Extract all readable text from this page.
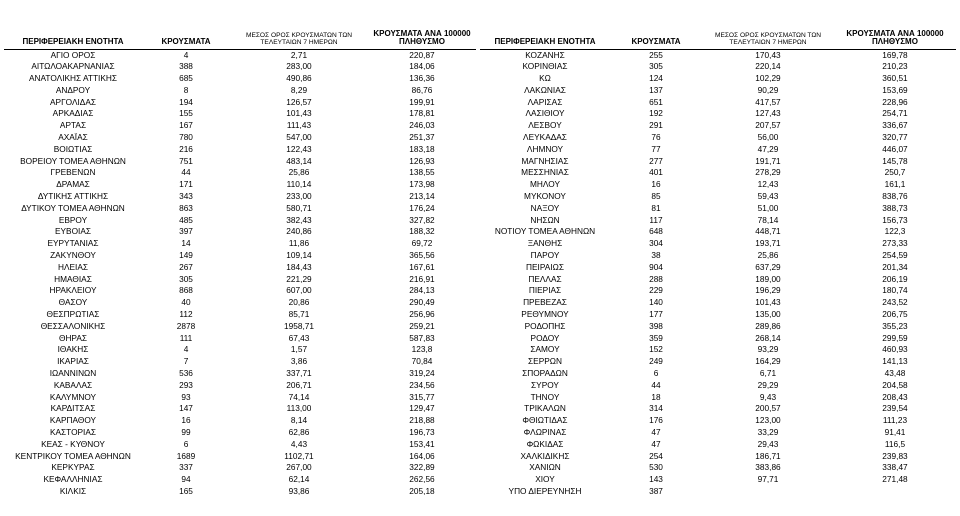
ΠΕΡΙΦΕΡΕΙΑΚΗ ΕΝΟΤΗΤΑ	ΚΡΟΥΣΜΑΤΑ	ΜΕΣΟΣ ΟΡΟΣ ΚΡΟΥΣΜΑΤΩΝ ΤΩΝ ΤΕΛΕΥΤΑΙΩΝ 7 ΗΜΕΡΩΝ	ΚΡΟΥΣΜΑΤΑ ΑΝΑ 100000 ΠΛΗΘΥΣΜΟ
ΑΓΙΟ ΟΡΟΣ	4	2,71	220,87
ΑΙΤΩΛΟΑΚΑΡΝΑΝΙΑΣ	388	283,00	184,06
ΑΝΑΤΟΛΙΚΗΣ ΑΤΤΙΚΗΣ	685	490,86	136,36
ΑΝΔΡΟΥ	8	8,29	86,76
ΑΡΓΟΛΙΔΑΣ	194	126,57	199,91
ΑΡΚΑΔΙΑΣ	155	101,43	178,81
ΑΡΤΑΣ	167	111,43	246,03
ΑΧΑΪΑΣ	780	547,00	251,37
ΒΟΙΩΤΙΑΣ	216	122,43	183,18
ΒΟΡΕΙΟΥ ΤΟΜΕΑ ΑΘΗΝΩΝ	751	483,14	126,93
ΓΡΕΒΕΝΩΝ	44	25,86	138,55
ΔΡΑΜΑΣ	171	110,14	173,98
ΔΥΤΙΚΗΣ ΑΤΤΙΚΗΣ	343	233,00	213,14
ΔΥΤΙΚΟΥ ΤΟΜΕΑ ΑΘΗΝΩΝ	863	580,71	176,24
ΕΒΡΟΥ	485	382,43	327,82
ΕΥΒΟΙΑΣ	397	240,86	188,32
ΕΥΡΥΤΑΝΙΑΣ	14	11,86	69,72
ΖΑΚΥΝΘΟΥ	149	109,14	365,56
ΗΛΕΙΑΣ	267	184,43	167,61
ΗΜΑΘΙΑΣ	305	221,29	216,91
ΗΡΑΚΛΕΙΟΥ	868	607,00	284,13
ΘΑΣΟΥ	40	20,86	290,49
ΘΕΣΠΡΩΤΙΑΣ	112	85,71	256,96
ΘΕΣΣΑΛΟΝΙΚΗΣ	2878	1958,71	259,21
ΘΗΡΑΣ	111	67,43	587,83
ΙΘΑΚΗΣ	4	1,57	123,8
ΙΚΑΡΙΑΣ	7	3,86	70,84
ΙΩΑΝΝΙΝΩΝ	536	337,71	319,24
ΚΑΒΑΛΑΣ	293	206,71	234,56
ΚΑΛΥΜΝΟΥ	93	74,14	315,77
ΚΑΡΔΙΤΣΑΣ	147	113,00	129,47
ΚΑΡΠΑΘΟΥ	16	8,14	218,88
ΚΑΣΤΟΡΙΑΣ	99	62,86	196,73
ΚΕΑΣ - ΚΥΘΝΟΥ	6	4,43	153,41
ΚΕΝΤΡΙΚΟΥ ΤΟΜΕΑ ΑΘΗΝΩΝ	1689	1102,71	164,06
ΚΕΡΚΥΡΑΣ	337	267,00	322,89
ΚΕΦΑΛΛΗΝΙΑΣ	94	62,14	262,56
ΚΙΛΚΙΣ	165	93,86	205,18
ΠΕΡΙΦΕΡΕΙΑΚΗ ΕΝΟΤΗΤΑ	ΚΡΟΥΣΜΑΤΑ	ΜΕΣΟΣ ΟΡΟΣ ΚΡΟΥΣΜΑΤΩΝ ΤΩΝ ΤΕΛΕΥΤΑΙΩΝ 7 ΗΜΕΡΩΝ	ΚΡΟΥΣΜΑΤΑ ΑΝΑ 100000 ΠΛΗΘΥΣΜΟ
ΚΟΖΑΝΗΣ	255	170,43	169,78
ΚΟΡΙΝΘΙΑΣ	305	220,14	210,23
ΚΩ	124	102,29	360,51
ΛΑΚΩΝΙΑΣ	137	90,29	153,69
ΛΑΡΙΣΑΣ	651	417,57	228,96
ΛΑΣΙΘΙΟΥ	192	127,43	254,71
ΛΕΣΒΟΥ	291	207,57	336,67
ΛΕΥΚΑΔΑΣ	76	56,00	320,77
ΛΗΜΝΟΥ	77	47,29	446,07
ΜΑΓΝΗΣΙΑΣ	277	191,71	145,78
ΜΕΣΣΗΝΙΑΣ	401	278,29	250,7
ΜΗΛΟΥ	16	12,43	161,1
ΜΥΚΟΝΟΥ	85	59,43	838,76
ΝΑΞΟΥ	81	51,00	388,73
ΝΗΣΩΝ	117	78,14	156,73
ΝΟΤΙΟΥ ΤΟΜΕΑ ΑΘΗΝΩΝ	648	448,71	122,3
ΞΑΝΘΗΣ	304	193,71	273,33
ΠΑΡΟΥ	38	25,86	254,59
ΠΕΙΡΑΙΩΣ	904	637,29	201,34
ΠΕΛΛΑΣ	288	189,00	206,19
ΠΙΕΡΙΑΣ	229	196,29	180,74
ΠΡΕΒΕΖΑΣ	140	101,43	243,52
ΡΕΘΥΜΝΟΥ	177	135,00	206,75
ΡΟΔΟΠΗΣ	398	289,86	355,23
ΡΟΔΟΥ	359	268,14	299,59
ΣΑΜΟΥ	152	93,29	460,93
ΣΕΡΡΩΝ	249	164,29	141,13
ΣΠΟΡΑΔΩΝ	6	6,71	43,48
ΣΥΡΟΥ	44	29,29	204,58
ΤΗΝΟΥ	18	9,43	208,43
ΤΡΙΚΑΛΩΝ	314	200,57	239,54
ΦΘΙΩΤΙΔΑΣ	176	123,00	111,23
ΦΛΩΡΙΝΑΣ	47	33,29	91,41
ΦΩΚΙΔΑΣ	47	29,43	116,5
ΧΑΛΚΙΔΙΚΗΣ	254	186,71	239,83
ΧΑΝΙΩΝ	530	383,86	338,47
ΧΙΟΥ	143	97,71	271,48
ΥΠΟ ΔΙΕΡΕΥΝΗΣΗ	387		
